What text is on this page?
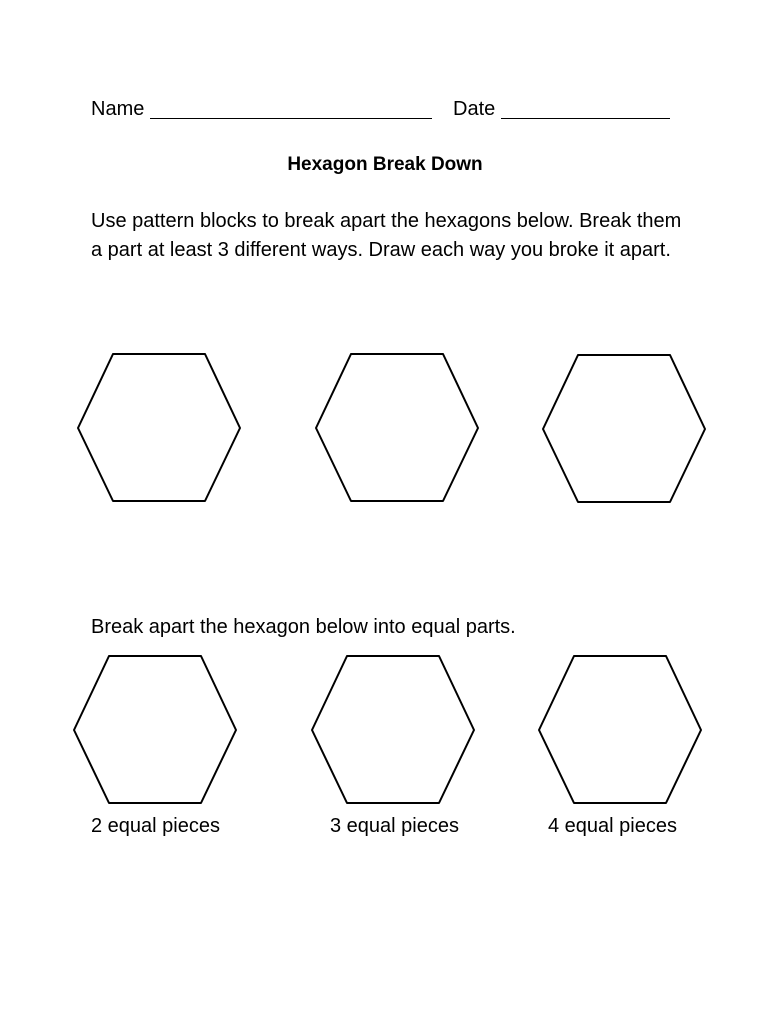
Name	Date
Hexagon Break Down
Use pattern blocks to break apart the hexagons below. Break them a part at least 3 different ways. Draw each way you broke it apart.
Break apart the hexagon below into equal parts.
2 equal pieces	3 equal pieces	4 equal pieces
